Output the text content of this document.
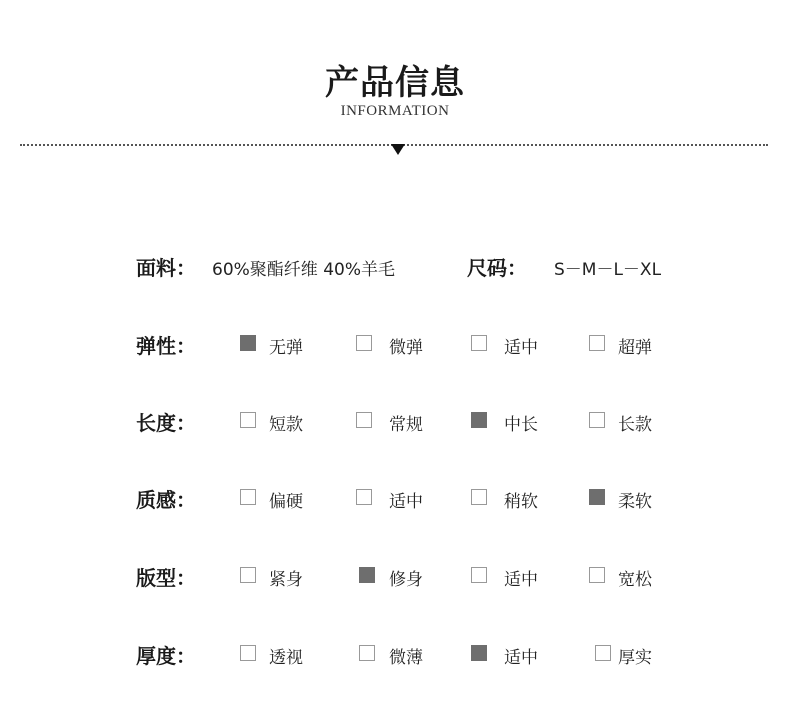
产品信息
INFORMATION
面料： 60%聚酯纤维 40%羊毛	尺码： S－M－L－XL
弹性：	无弹	微弹	适中	超弹
长度：	短款	常规	中长	长款
质感：	偏硬	适中	稍软	柔软
版型：	紧身	修身	适中	宽松
厚度：	透视	微薄	适中	厚实
